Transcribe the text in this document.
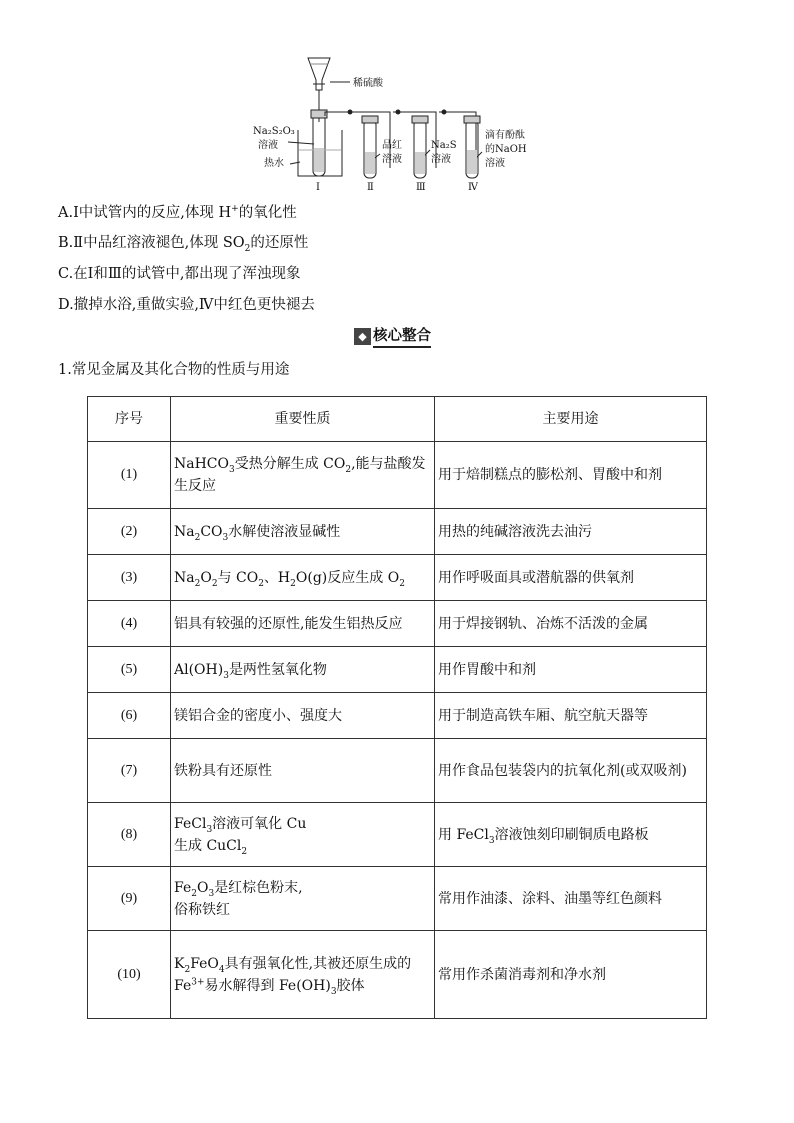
稀硫酸
Na₂S₂O₃
溶液
热水
品红
溶液
Na₂S
溶液
滴有酚酞
的NaOH
溶液
Ⅰ	Ⅱ	Ⅲ	Ⅳ
A.Ⅰ中试管内的反应,体现 H+的氧化性
B.Ⅱ中品红溶液褪色,体现 $SO_2$的还原性
C.在Ⅰ和Ⅲ的试管中,都出现了浑浊现象
D.撤掉水浴,重做实验,Ⅳ中红色更快褪去
◆ 核心整合
1.常见金属及其化合物的性质与用途
序号	重要性质	主要用途
(1)	NaHCO$_3$受热分解生成 $CO_2$,能与盐酸发生反应	用于焙制糕点的膨松剂、胃酸中和剂
(2)	$Na_2CO_3$水解使溶液显碱性	用热的纯碱溶液洗去油污
(3)	$Na_2O_2$与 $CO_2$、$H_2O(g)$反应生成 $O_2$	用作呼吸面具或潜航器的供氧剂
(4)	铝具有较强的还原性,能发生铝热反应	用于焊接钢轨、冶炼不活泼的金属
(5)	$Al(OH)_3$是两性氢氧化物	用作胃酸中和剂
(6)	镁铝合金的密度小、强度大	用于制造高铁车厢、航空航天器等
(7)	铁粉具有还原性	用作食品包装袋内的抗氧化剂(或双吸剂)
(8)	FeCl$_3$溶液可氧化 Cu
生成 CuCl$_2$	用 FeCl$_3$溶液蚀刻印刷铜质电路板
(9)	$Fe_2O_3$是红棕色粉末,
俗称铁红	常用作油漆、涂料、油墨等红色颜料
(10)	$K_2FeO_4$具有强氧化性,其被还原生成的 $Fe^{3+}$易水解得到 $Fe(OH)_3$胶体	常用作杀菌消毒剂和净水剂
